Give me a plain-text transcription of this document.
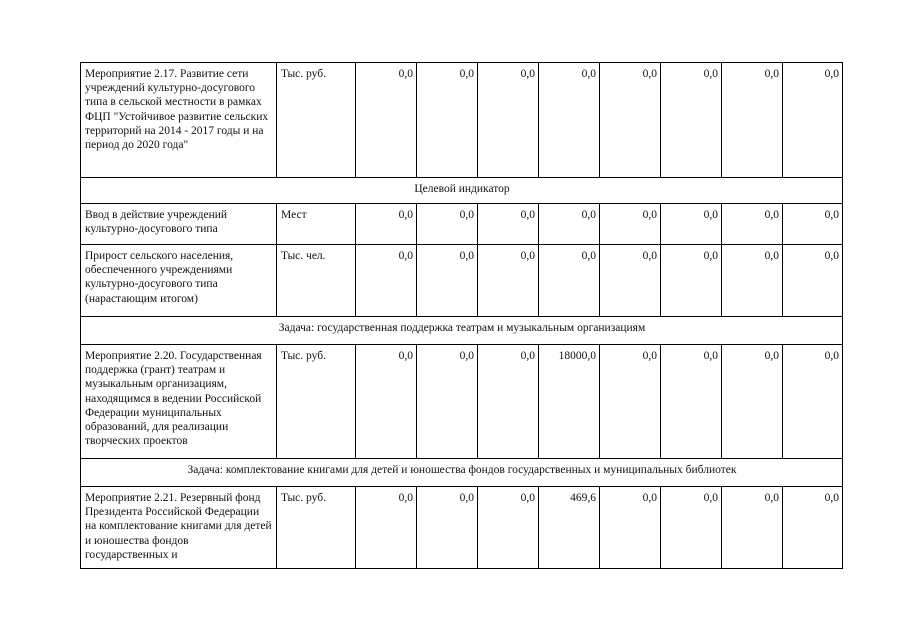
Мероприятие 2.17. Развитие сети учреждений культурно-досугового типа в сельской местности в рамках ФЦП "Устойчивое развитие сельских территорий на 2014 - 2017 годы и на период до 2020 года"	Тыс. руб.	0,0	0,0	0,0	0,0	0,0	0,0	0,0	0,0
Целевой индикатор									
Ввод в действие учреждений культурно-досугового типа	Мест	0,0	0,0	0,0	0,0	0,0	0,0	0,0	0,0
Прирост сельского населения, обеспеченного учреждениями культурно-досугового типа (нарастающим итогом)	Тыс. чел.	0,0	0,0	0,0	0,0	0,0	0,0	0,0	0,0
Задача: государственная поддержка театрам и музыкальным организациям									
Мероприятие 2.20. Государственная поддержка (грант) театрам и музыкальным организациям, находящимся в ведении Российской Федерации муниципальных образований, для реализации творческих проектов	Тыс. руб.	0,0	0,0	0,0	18000,0	0,0	0,0	0,0	0,0
Задача: комплектование книгами для детей и юношества фондов государственных и муниципальных библиотек									
Мероприятие 2.21. Резервный фонд Президента Российской Федерации на комплектование книгами для детей и юношества фондов государственных и	Тыс. руб.	0,0	0,0	0,0	469,6	0,0	0,0	0,0	0,0
